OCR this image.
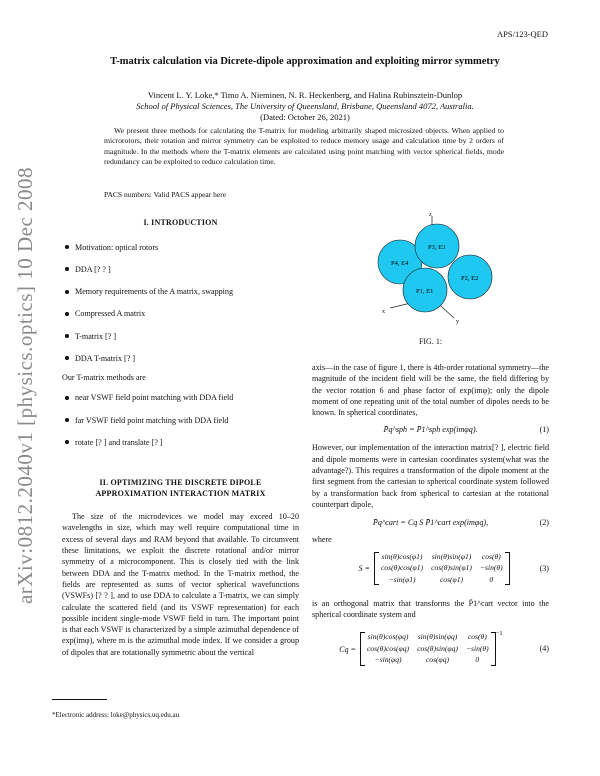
arXiv:0812.2040v1 [physics.optics] 10 Dec 2008
APS/123-QED
T-matrix calculation via Dicrete-dipole approximation and exploiting mirror symmetry
Vincent L. Y. Loke,* Timo A. Nieminen, N. R. Heckenberg, and Halina Rubinsztein-Dunlop
School of Physical Sciences, The University of Queensland, Brisbane, Queensland 4072, Australia.
(Dated: October 26, 2021)
We present three methods for calculating the T-matrix for modeling arbitrarily shaped microsized objects. When applied to microrotors, their rotation and mirror symmetry can be exploited to reduce memory usage and calculation time by 2 orders of magnitude. In the methods where the T-matrix elements are calculated using point matching with vector spherical fields, mode redundancy can be exploited to reduce calculation time.
PACS numbers: Valid PACS appear here
I. INTRODUCTION
Motivation: optical rotors
DDA [? ? ]
Memory requirements of the A matrix, swapping
Compressed A matrix
T-matrix [? ]
DDA T-matrix [? ]
Our T-matrix methods are
near VSWF field point matching with DDA field
far VSWF field point matching with DDA field
rotate [? ] and translate [? ]
II. OPTIMIZING THE DISCRETE DIPOLE
APPROXIMATION INTERACTION MATRIX
The size of the microdevices we model may exceed 10–20 wavelengths in size, which may well require computational time in excess of several days and RAM beyond that available. To circumvent these limitations, we exploit the discrete rotational and/or mirror symmetry of a microcomponent. This is closely tied with the link between DDA and the T-matrix method. In the T-matrix method, the fields are represented as sums of vector spherical wavefunctions (VSWFs) [? ? ], and to use DDA to calculate a T-matrix, we can simply calculate the scattered field (and its VSWF representation) for each possible incident single-mode VSWF field in turn. The important point is that each VSWF is characterized by a simple azimuthal dependence of exp(imφ), where m is the azimuthal mode index. If we consider a group of dipoles that are rotationally symmetric about the vertical
P4, E4
P3, E3
P2, E2
P1, E1
x
y
z
FIG. 1:
axis—in the case of figure 1, there is 4th-order rotational symmetry—the magnitude of the incident field will be the same, the field differing by the vector rotation 6 and phase factor of exp(imφ); only the dipole moment of one repeating unit of the total number of dipoles needs to be known. In spherical coordinates,
P̄q^sph = P̄1^sph exp(imφq).	(1)
However, our implementation of the interaction matrix[? ], electric field and dipole moments were in cartesian coordinates system(what was the advantage?). This requires a transformation of the dipole moment at the first segment from the cartesian to spherical coordinate system followed by a transformation back from spherical to cartesian at the rotational counterpart dipole,
P̄q^cart = Cq S P̄1^cart exp(imφq),	(2)
where
S =
sin(θ)cos(φ1) sin(θ)sin(φ1) cos(θ)
cos(θ)cos(φ1) cos(θ)sin(φ1) −sin(θ)
−sin(φ1)	cos(φ1)	0
(3)
is an orthogonal matrix that transforms the P̄1^cart vector into the spherical coordinate system and
Cq =
sin(θ)cos(φq) sin(θ)sin(φq) cos(θ)
cos(θ)cos(φq) cos(θ)sin(φq) −sin(θ)
−sin(φq)	cos(φq)	0
−1
(4)
*Electronic address: loke@physics.uq.edu.au
